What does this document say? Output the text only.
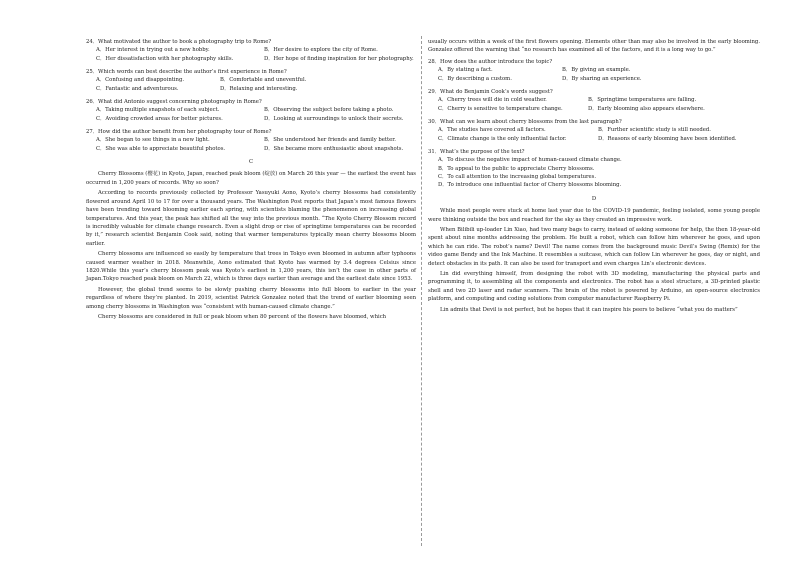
24．What motivated the author to book a photography trip to Rome?
A．Her interest in trying out a new hobby.	B．Her desire to explore the city of Rome.
C．Her dissatisfaction with her photography skills.	D．Her hope of finding inspiration for her photography.
25．Which words can best describe the author’s first experience in Rome?
A．Confusing and disappointing.	B．Comfortable and uneventful.
C．Fantastic and adventurous.	D．Relaxing and interesting.
26．What did Antonio suggest concerning photography in Rome?
A．Taking multiple snapshots of each subject.	B．Observing the subject before taking a photo.
C．Avoiding crowded areas for better pictures.	D．Looking at surroundings to unlock their secrets.
27．How did the author benefit from her photography tour of Rome?
A．She began to see things in a new light.	B．She understood her friends and family better.
C．She was able to appreciate beautiful photos.	D．She became more enthusiastic about snapshots.
C

Cherry Blossoms (樱花) in Kyoto, Japan, reached peak bloom (绽放) on March 26 this year — the earliest the event has occurred in 1,200 years of records. Why so soon?

According to records previously collected by Professor Yasuyuki Aono, Kyoto’s cherry blossoms had consistently flowered around April 10 to 17 for over a thousand years. The Washington Post reports that Japan’s most famous flowers have been trending toward blooming earlier each spring, with scientists blaming the phenomenon on increasing global temperatures. And this year, the peak has shifted all the way into the previous month. “The Kyoto Cherry Blossom record is incredibly valuable for climate change research. Even a slight drop or rise of springtime temperatures can be recorded by it,” research scientist Benjamin Cook said, noting that warmer temperatures typically mean cherry blossoms bloom earlier.

Cherry blossoms are influenced so easily by temperature that trees in Tokyo even bloomed in autumn after typhoons caused warmer weather in 2018. Meanwhile, Aono estimated that Kyoto has warmed by 3.4 degrees Celsius since 1820.While this year’s cherry blossom peak was Kyoto’s earliest in 1,200 years, this isn’t the case in other parts of Japan.Tokyo reached peak bloom on March 22, which is three days earlier than average and the earliest date since 1953.

However, the global trend seems to be slowly pushing cherry blossoms into full bloom to earlier in the year regardless of where they’re planted. In 2019, scientist Patrick Gonzalez noted that the trend of earlier blooming seen among cherry blossoms in Washington was “consistent with human-caused climate change.”

Cherry blossoms are considered in full or peak bloom when 80 percent of the flowers have bloomed, which

usually occurs within a week of the first flowers opening. Elements other than may also be involved in the early blooming. Gonzalez offered the warning that “no research has examined all of the factors, and it is a long way to go.”

28．How does the author introduce the topic?
A．By stating a fact.	B．By giving an example.
C．By describing a custom.	D．By sharing an experience.
29．What do Benjamin Cook’s words suggest?
A．Cherry trees will die in cold weather.	B．Springtime temperatures are falling.
C．Cherry is sensitive to temperature change.	D．Early blooming also appears elsewhere.
30．What can we learn about cherry blossoms from the last paragraph?
A．The studies have covered all factors.	B．Further scientific study is still needed.
C．Climate change is the only influential factor.	D．Reasons of early blooming have been identified.
31．What’s the purpose of the text?
A．To discuss the negative impact of human-caused climate change.
B．To appeal to the public to appreciate Cherry blossoms.
C．To call attention to the increasing global temperatures.
D．To introduce one influential factor of Cherry blossoms blooming.
D

While most people were stuck at home last year due to the COVID-19 pandemic, feeling isolated, some young people were thinking outside the box and reached for the sky as they created an impressive work.

When Bilibili up-loader Lin Xiao, had two many bags to carry, instead of asking someone for help, the then 18-year-old spent about nine months addressing the problem. He built a robot, which can follow him wherever he goes, and upon which he can ride. The robot’s name? Devil! The name comes from the background music Devil’s Swing (Remix) for the video game Bendy and the Ink Machine. It resembles a suitcase, which can follow Lin wherever he goes, day or night, and detect obstacles in its path. It can also be used for transport and even charges Lin’s electronic devices.

Lin did everything himself, from designing the robot with 3D modeling, manufacturing the physical parts and programming it, to assembling all the components and electronics. The robot has a steel structure, a 3D-printed plastic shell and two 2D laser and radar scanners. The brain of the robot is powered by Arduino, an open-source electronics platform, and computing and coding solutions from computer manufacturer Raspberry Pi.

Lin admits that Devil is not perfect, but he hopes that it can inspire his peers to believe “what you do matters”
